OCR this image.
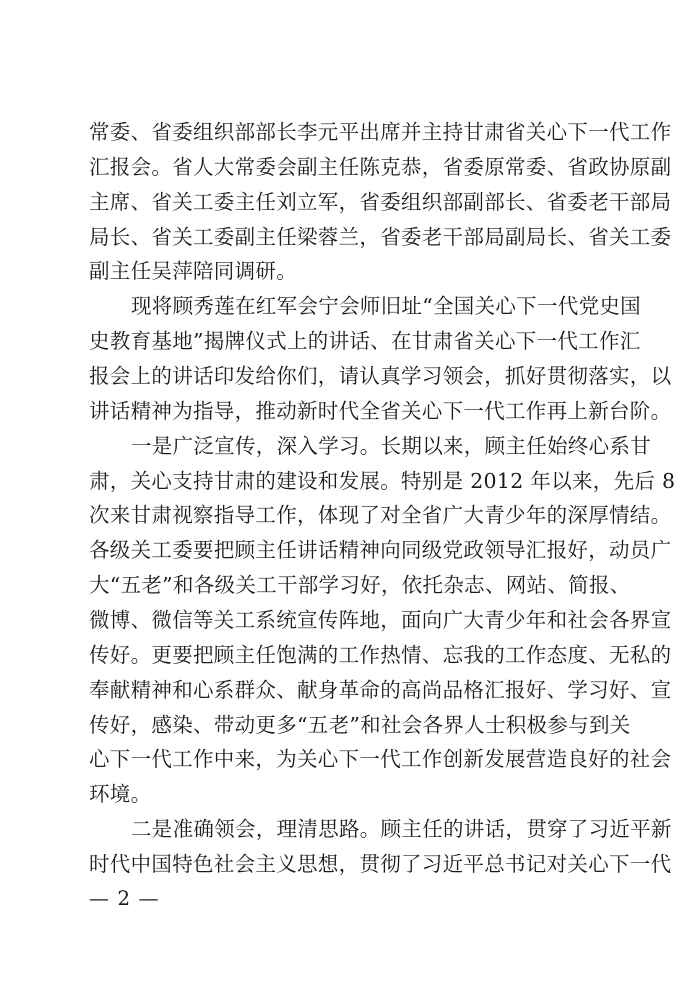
常委、省委组织部部长李元平出席并主持甘肃省关心下一代工作
汇报会。省人大常委会副主任陈克恭，省委原常委、省政协原副
主席、省关工委主任刘立军，省委组织部副部长、省委老干部局
局长、省关工委副主任梁蓉兰，省委老干部局副局长、省关工委
副主任吴萍陪同调研。
现将顾秀莲在红军会宁会师旧址“全国关心下一代党史国
史教育基地”揭牌仪式上的讲话、在甘肃省关心下一代工作汇
报会上的讲话印发给你们，请认真学习领会，抓好贯彻落实，以
讲话精神为指导，推动新时代全省关心下一代工作再上新台阶。
一是广泛宣传，深入学习。长期以来，顾主任始终心系甘
肃，关心支持甘肃的建设和发展。特别是 2012 年以来，先后 8
次来甘肃视察指导工作，体现了对全省广大青少年的深厚情结。
各级关工委要把顾主任讲话精神向同级党政领导汇报好，动员广
大“五老”和各级关工干部学习好，依托杂志、网站、简报、
微博、微信等关工系统宣传阵地，面向广大青少年和社会各界宣
传好。更要把顾主任饱满的工作热情、忘我的工作态度、无私的
奉献精神和心系群众、献身革命的高尚品格汇报好、学习好、宣
传好，感染、带动更多“五老”和社会各界人士积极参与到关
心下一代工作中来，为关心下一代工作创新发展营造良好的社会
环境。
二是准确领会，理清思路。顾主任的讲话，贯穿了习近平新
时代中国特色社会主义思想，贯彻了习近平总书记对关心下一代
— 2 —
